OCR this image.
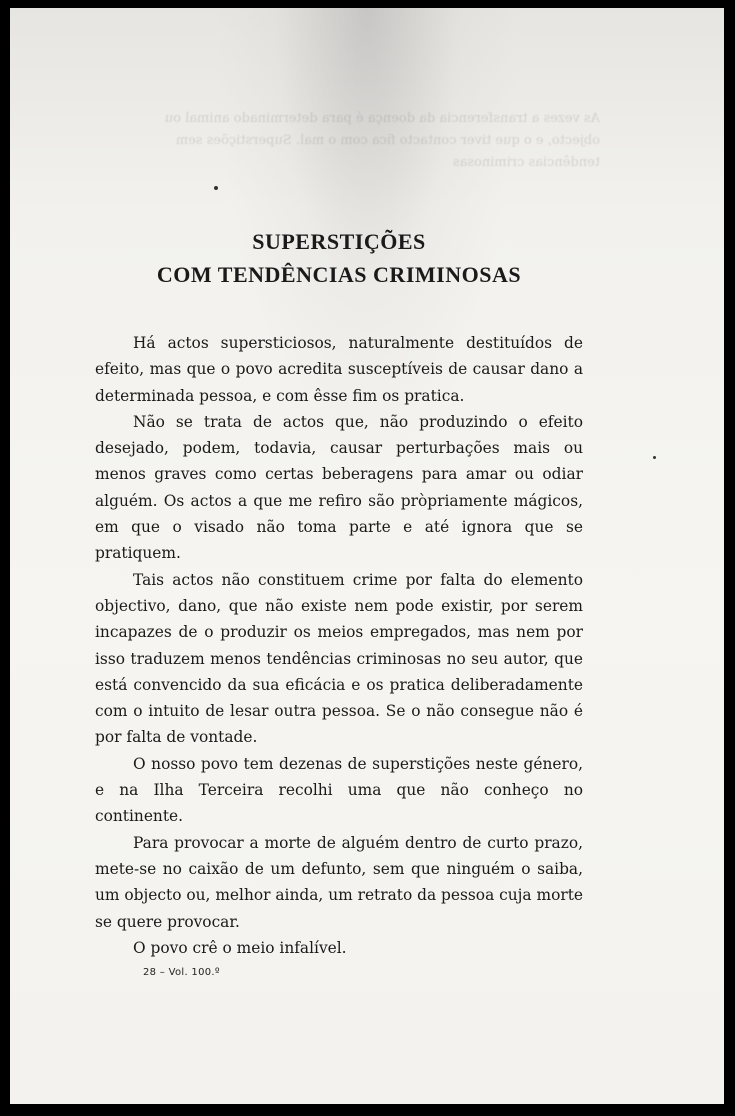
As vezes a transferencia da doença é para determinado animal ou objecto, e o que tiver contacto fica com o mal. Superstições sem tendências criminosas
SUPERSTIÇÕES
COM TENDÊNCIAS CRIMINOSAS

Há actos supersticiosos, naturalmente destituídos de efeito, mas que o povo acredita susceptíveis de causar dano a determinada pessoa, e com êsse fim os pratica.

Não se trata de actos que, não produzindo o efeito desejado, podem, todavia, causar perturbações mais ou menos graves como certas beberagens para amar ou odiar alguém. Os actos a que me refiro são pròpriamente mágicos, em que o visado não toma parte e até ignora que se pratiquem.

Tais actos não constituem crime por falta do elemento objectivo, dano, que não existe nem pode existir, por serem incapazes de o produzir os meios empregados, mas nem por isso traduzem menos tendências criminosas no seu autor, que está convencido da sua eficácia e os pratica deliberadamente com o intuito de lesar outra pessoa. Se o não consegue não é por falta de vontade.

O nosso povo tem dezenas de superstições neste género, e na Ilha Terceira recolhi uma que não conheço no continente.

Para provocar a morte de alguém dentro de curto prazo, mete-se no caixão de um defunto, sem que ninguém o saiba, um objecto ou, melhor ainda, um retrato da pessoa cuja morte se quere provocar.

O povo crê o meio infalível.

28 – Vol. 100.º
